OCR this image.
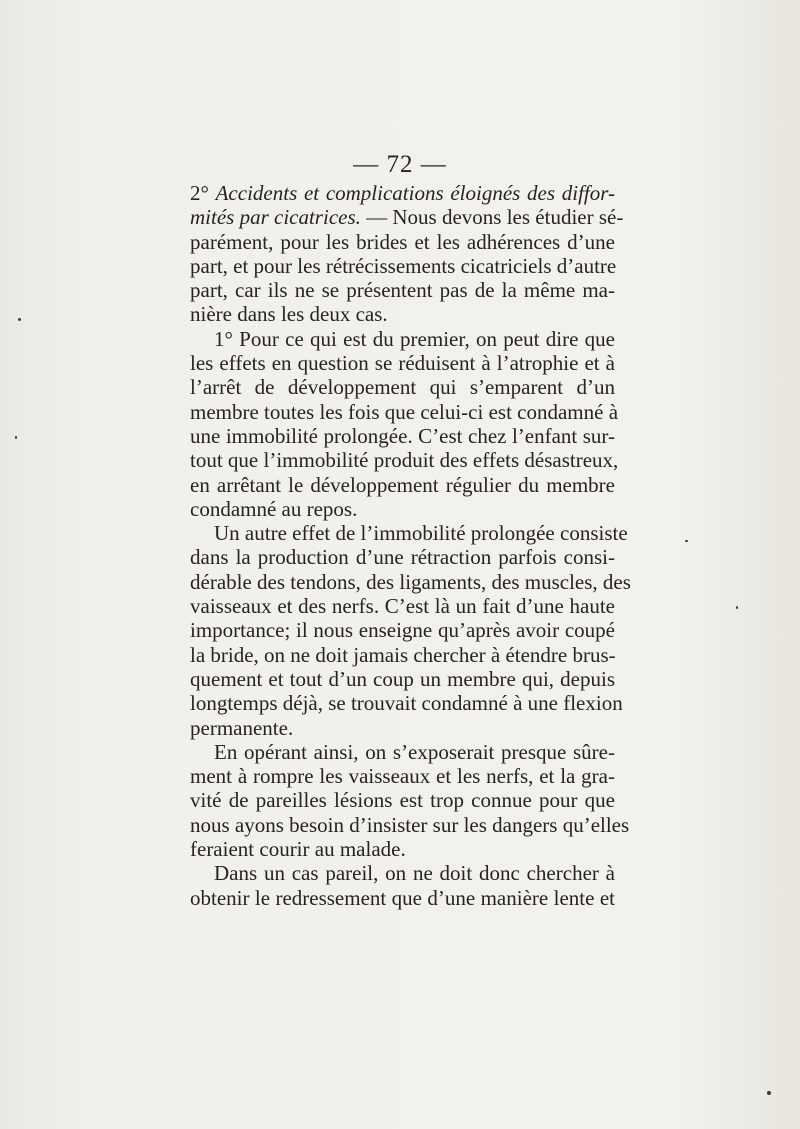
— 72 —
2° Accidents et complications éloignés des diffor-
mités par cicatrices. — Nous devons les étudier sé-
parément, pour les brides et les adhérences d’une
part, et pour les rétrécissements cicatriciels d’autre
part, car ils ne se présentent pas de la même ma-
nière dans les deux cas.
1° Pour ce qui est du premier, on peut dire que
les effets en question se réduisent à l’atrophie et à
l’arrêt de développement qui s’emparent d’un
membre toutes les fois que celui-ci est condamné à
une immobilité prolongée. C’est chez l’enfant sur-
tout que l’immobilité produit des effets désastreux,
en arrêtant le développement régulier du membre
condamné au repos.
Un autre effet de l’immobilité prolongée consiste
dans la production d’une rétraction parfois consi-
dérable des tendons, des ligaments, des muscles, des
vaisseaux et des nerfs. C’est là un fait d’une haute
importance; il nous enseigne qu’après avoir coupé
la bride, on ne doit jamais chercher à étendre brus-
quement et tout d’un coup un membre qui, depuis
longtemps déjà, se trouvait condamné à une flexion
permanente.
En opérant ainsi, on s’exposerait presque sûre-
ment à rompre les vaisseaux et les nerfs, et la gra-
vité de pareilles lésions est trop connue pour que
nous ayons besoin d’insister sur les dangers qu’elles
feraient courir au malade.
Dans un cas pareil, on ne doit donc chercher à
obtenir le redressement que d’une manière lente et
